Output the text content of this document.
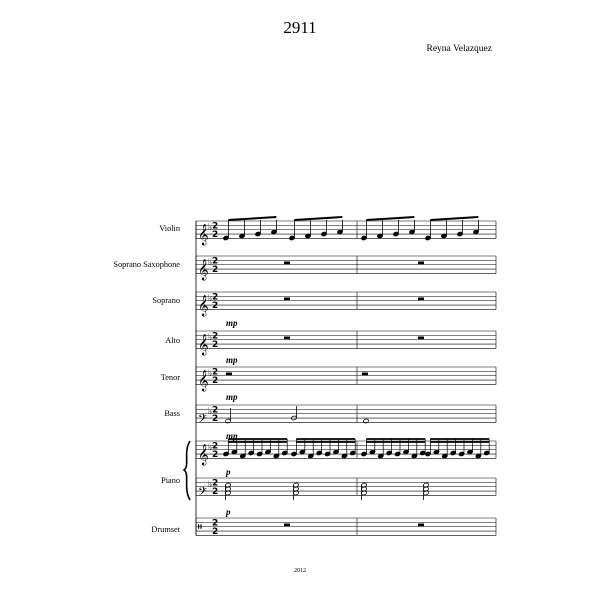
2911
Reyna Velazquez
Violin
Soprano Saxophone
Soprano
Alto
Tenor
Bass
Piano
Drumset
mp
mp
mp
mp
p
p
𝄞 ♭ 2
2
𝄞 ♭ 2
2
𝄞 ♭ 2
2
𝄞 ♭ 2
2
𝄞 ♭ 2
2
𝄢
♭ 2
2
𝄞 ♭ 2
2
𝄢
♭ 2
2
𝄥 2
2
2012
